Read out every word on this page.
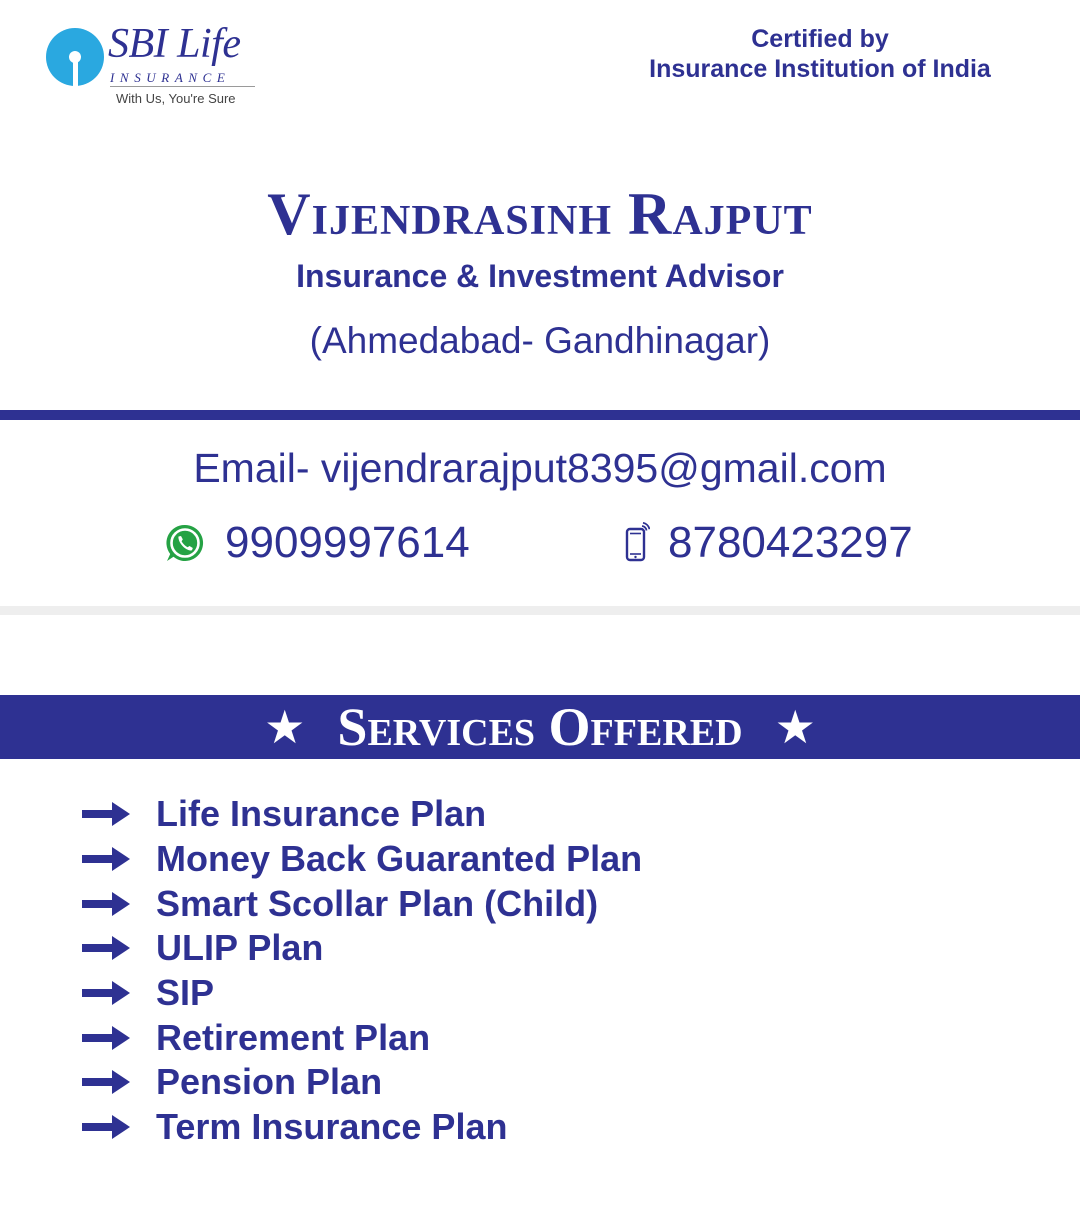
SBI Life
INSURANCE
With Us, You're Sure
Certified by
Insurance Institution of India
Vijendrasinh Rajput
Insurance & Investment Advisor
(Ahmedabad- Gandhinagar)
Email- vijendrarajput8395@gmail.com
9909997614	8780423297
★ Services Offered ★
Life Insurance Plan
Money Back Guaranted Plan
Smart Scollar Plan (Child)
ULIP Plan
SIP
Retirement Plan
Pension Plan
Term Insurance Plan
